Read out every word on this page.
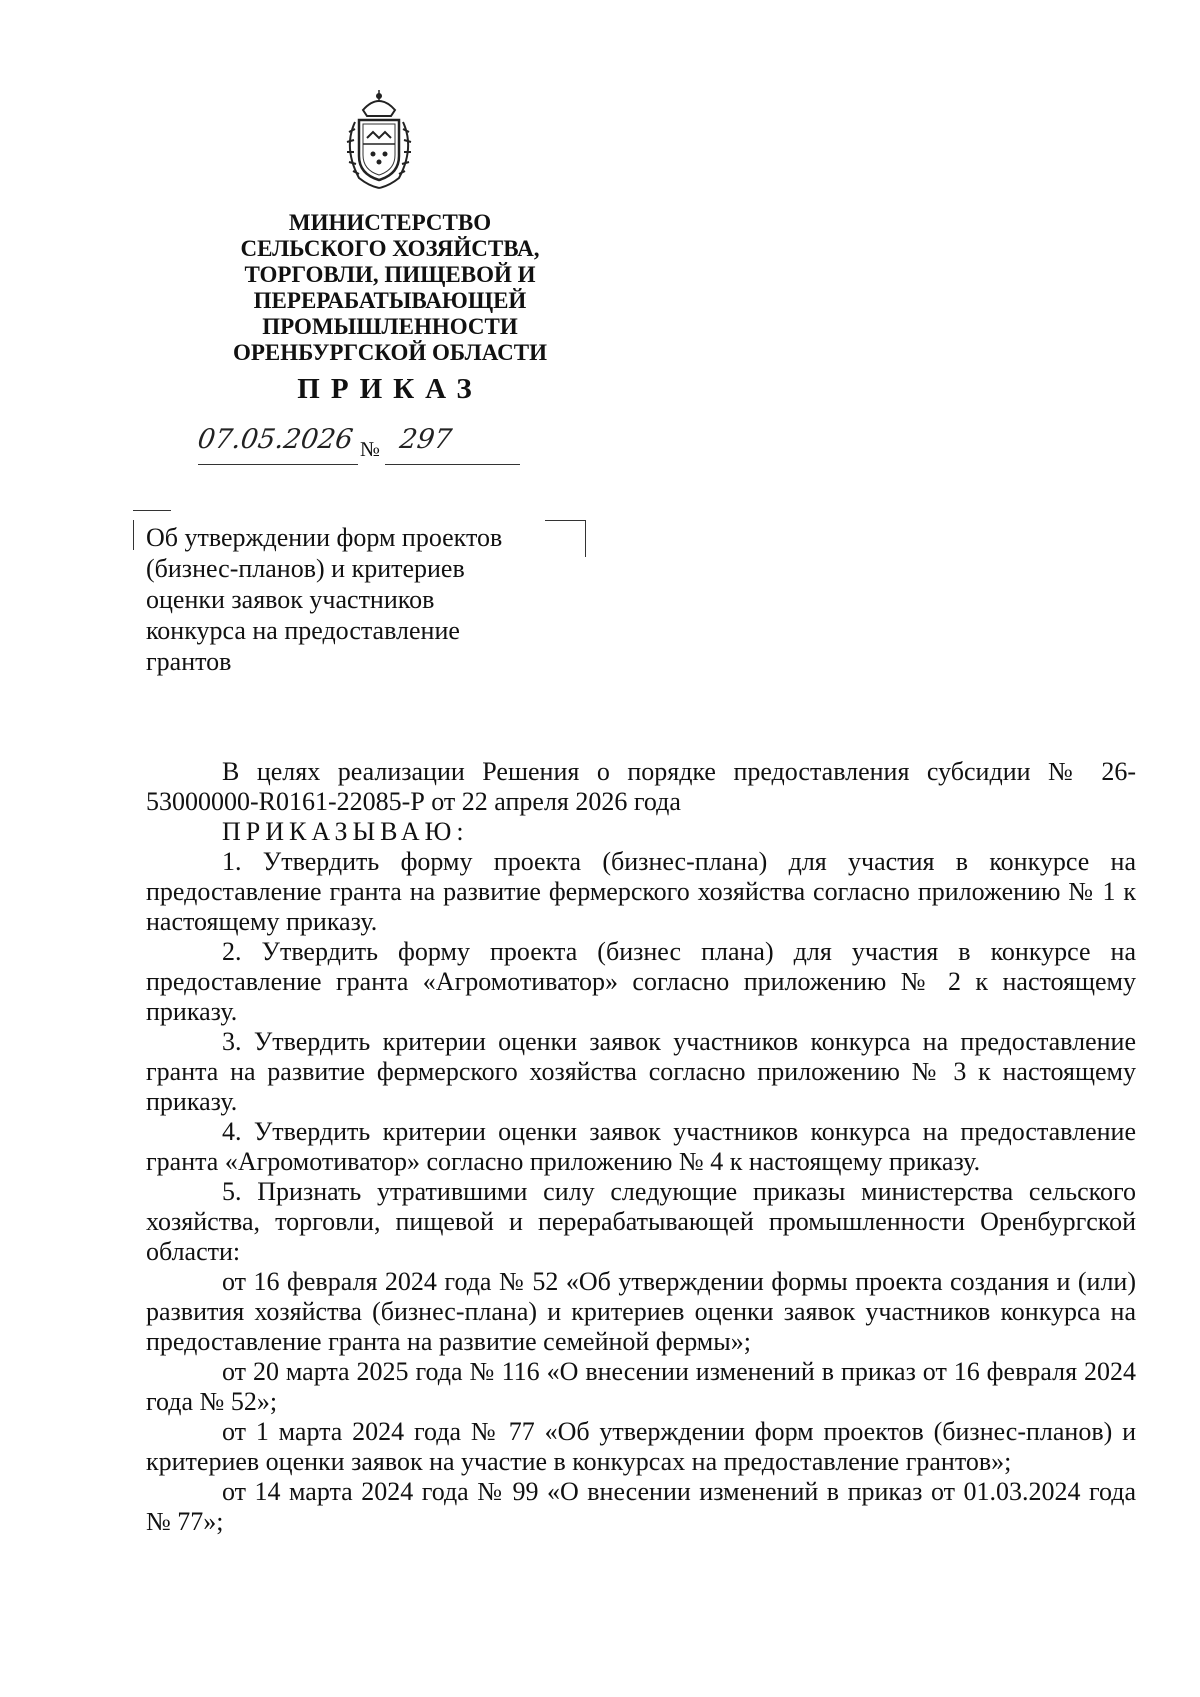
МИНИСТЕРСТВО
СЕЛЬСКОГО ХОЗЯЙСТВА,
ТОРГОВЛИ, ПИЩЕВОЙ И
ПЕРЕРАБАТЫВАЮЩЕЙ
ПРОМЫШЛЕННОСТИ
ОРЕНБУРГСКОЙ ОБЛАСТИ
ПРИКАЗ
07.05.2026 № 297
Об утверждении форм проектов
(бизнес-планов) и критериев
оценки заявок участников
конкурса на предоставление
грантов

В целях реализации Решения о порядке предоставления субсидии № 26-53000000-R0161-22085-Р от 22 апреля 2026 года

ПРИКАЗЫВАЮ:

1. Утвердить форму проекта (бизнес-плана) для участия в конкурсе на предоставление гранта на развитие фермерского хозяйства согласно приложению № 1 к настоящему приказу.

2. Утвердить форму проекта (бизнес плана) для участия в конкурсе на предоставление гранта «Агромотиватор» согласно приложению № 2 к настоящему приказу.

3. Утвердить критерии оценки заявок участников конкурса на предоставление гранта на развитие фермерского хозяйства согласно приложению № 3 к настоящему приказу.

4. Утвердить критерии оценки заявок участников конкурса на предоставление гранта «Агромотиватор» согласно приложению № 4 к настоящему приказу.

5. Признать утратившими силу следующие приказы министерства сельского хозяйства, торговли, пищевой и перерабатывающей промышленности Оренбургской области:

от 16 февраля 2024 года № 52 «Об утверждении формы проекта создания и (или) развития хозяйства (бизнес-плана) и критериев оценки заявок участников конкурса на предоставление гранта на развитие семейной фермы»;

от 20 марта 2025 года № 116 «О внесении изменений в приказ от 16 февраля 2024 года № 52»;

от 1 марта 2024 года № 77 «Об утверждении форм проектов (бизнес-планов) и критериев оценки заявок на участие в конкурсах на предоставление грантов»;

от 14 марта 2024 года № 99 «О внесении изменений в приказ от 01.03.2024 года № 77»;
